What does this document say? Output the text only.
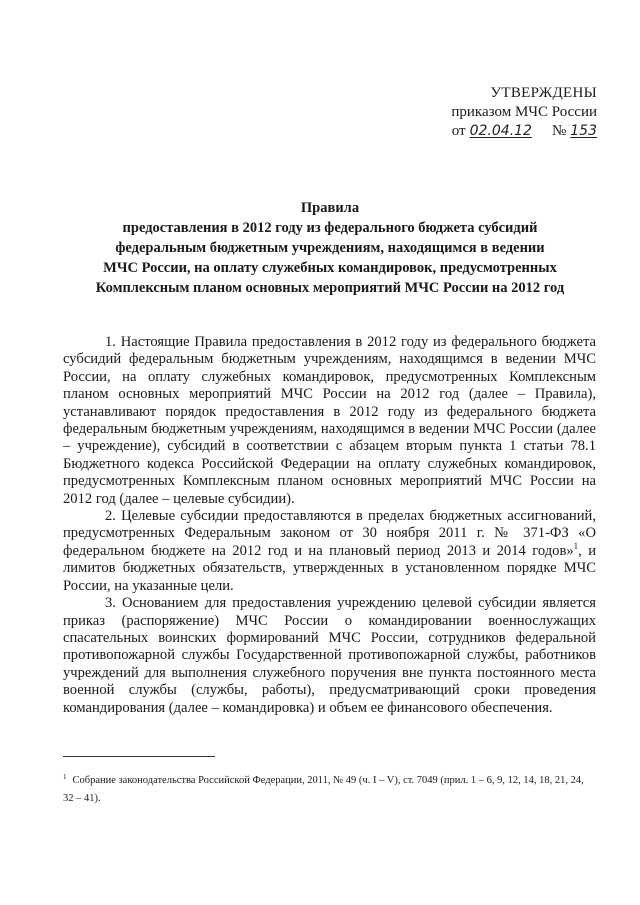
УТВЕРЖДЕНЫ
приказом МЧС России
от 02.04.12 № 153
Правила
предоставления в 2012 году из федерального бюджета субсидий
федеральным бюджетным учреждениям, находящимся в ведении
МЧС России, на оплату служебных командировок, предусмотренных
Комплексным планом основных мероприятий МЧС России на 2012 год

1. Настоящие Правила предоставления в 2012 году из федерального бюджета субсидий федеральным бюджетным учреждениям, находящимся в ведении МЧС России, на оплату служебных командировок, предусмотренных Комплексным планом основных мероприятий МЧС России на 2012 год (далее – Правила), устанавливают порядок предоставления в 2012 году из федерального бюджета федеральным бюджетным учреждениям, находящимся в ведении МЧС России (далее – учреждение), субсидий в соответствии с абзацем вторым пункта 1 статьи 78.1 Бюджетного кодекса Российской Федерации на оплату служебных командировок, предусмотренных Комплексным планом основных мероприятий МЧС России на 2012 год (далее – целевые субсидии).

2. Целевые субсидии предоставляются в пределах бюджетных ассигнований, предусмотренных Федеральным законом от 30 ноября 2011 г. № 371-ФЗ «О федеральном бюджете на 2012 год и на плановый период 2013 и 2014 годов»$^1$, и лимитов бюджетных обязательств, утвержденных в установленном порядке МЧС России, на указанные цели.

3. Основанием для предоставления учреждению целевой субсидии является приказ (распоряжение) МЧС России о командировании военнослужащих спасательных воинских формирований МЧС России, сотрудников федеральной противопожарной службы Государственной противопожарной службы, работников учреждений для выполнения служебного поручения вне пункта постоянного места военной службы (службы, работы), предусматривающий сроки проведения командирования (далее – командировка) и объем ее финансового обеспечения.

$^1$ Собрание законодательства Российской Федерации, 2011, № 49 (ч. I – V), ст. 7049 (прил. 1 – 6, 9, 12, 14, 18, 21, 24, 32 – 41).
